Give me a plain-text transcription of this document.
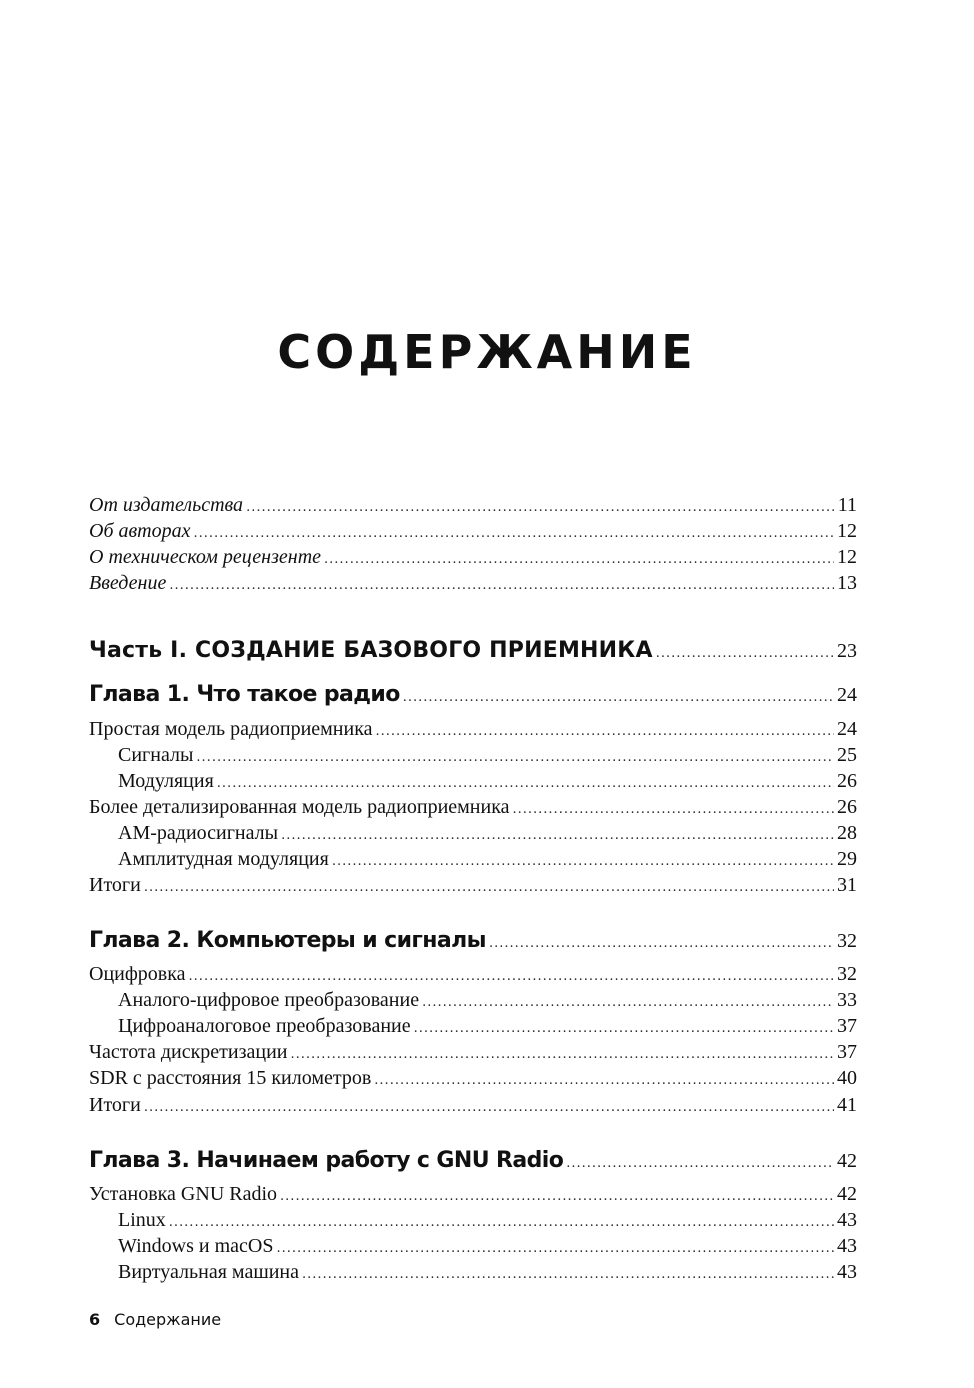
СОДЕРЖАНИЕ
От издательства .....	11
Об авторах .....	12
О техническом рецензенте .....	12
Введение .....	13
Часть I. СОЗДАНИЕ БАЗОВОГО ПРИЕМНИКА .....	23
Глава 1. Что такое радио .....	24
Простая модель радиоприемника .....	24
Сигналы .....	25
Модуляция .....	26
Более детализированная модель радиоприемника .....	26
АМ-радиосигналы .....	28
Амплитудная модуляция .....	29
Итоги .....	31
Глава 2. Компьютеры и сигналы .....	32
Оцифровка .....	32
Аналого-цифровое преобразование .....	33
Цифроаналоговое преобразование .....	37
Частота дискретизации .....	37
SDR с расстояния 15 километров .....	40
Итоги .....	41
Глава 3. Начинаем работу с GNU Radio .....	42
Установка GNU Radio .....	42
Linux .....	43
Windows и macOS .....	43
Виртуальная машина .....	43
6 Содержание
